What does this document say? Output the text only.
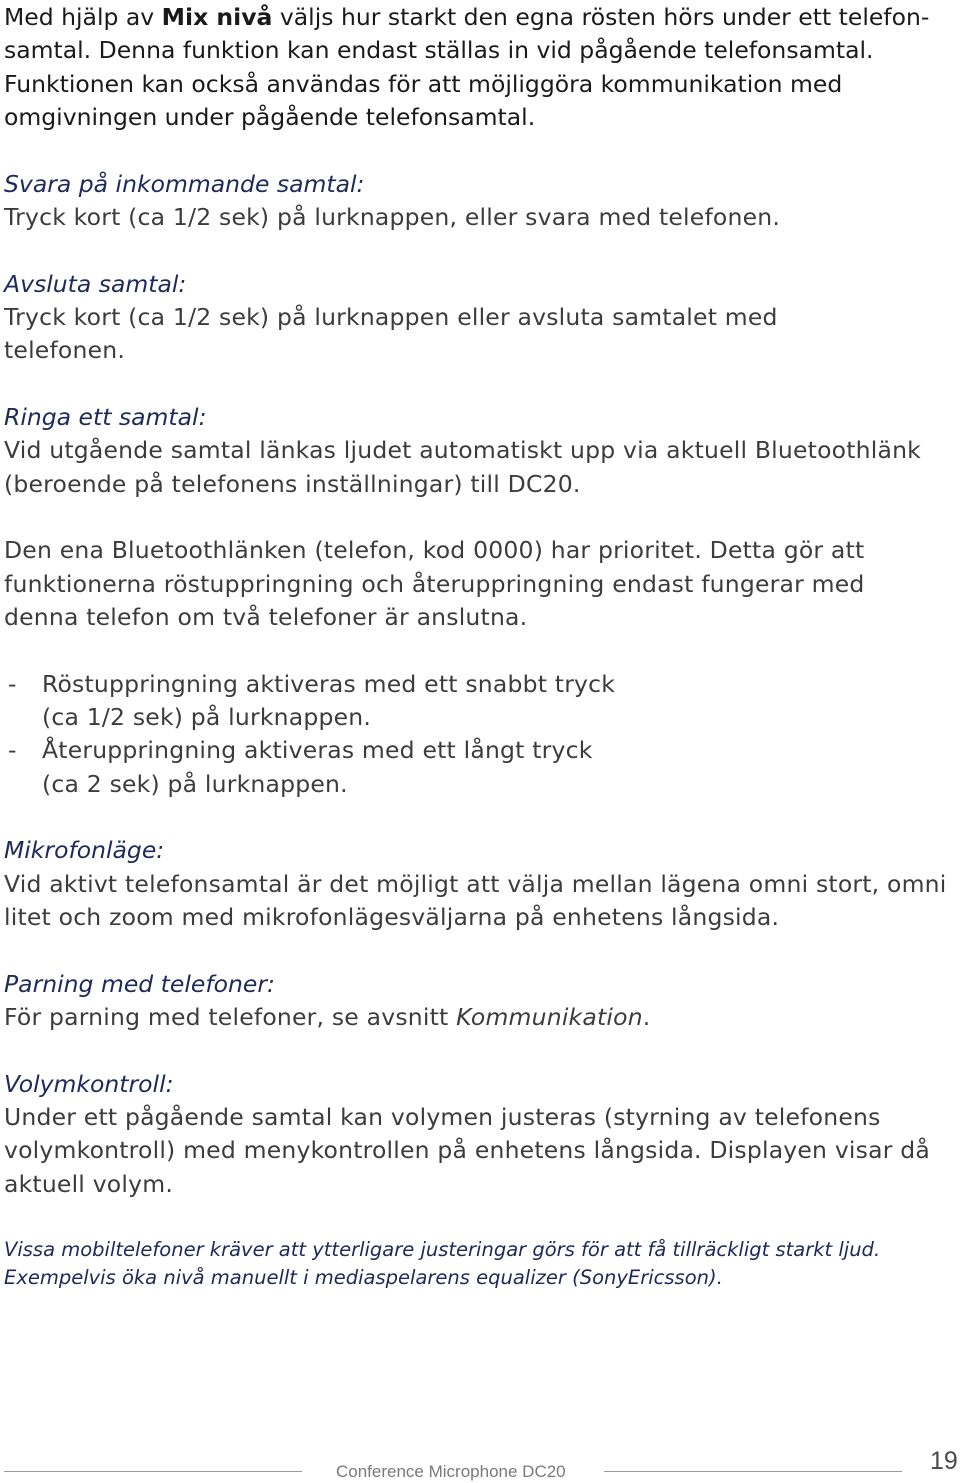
Med hjälp av Mix nivå väljs hur starkt den egna rösten hörs under ett telefon-

samtal. Denna funktion kan endast ställas in vid pågående telefonsamtal.

Funktionen kan också användas för att möjliggöra kommunikation med

omgivningen under pågående telefonsamtal.

Svara på inkommande samtal:

Tryck kort (ca 1/2 sek) på lurknappen, eller svara med telefonen.

Avsluta samtal:

Tryck kort (ca 1/2 sek) på lurknappen eller avsluta samtalet med

telefonen.

Ringa ett samtal:

Vid utgående samtal länkas ljudet automatiskt upp via aktuell Bluetoothlänk

(beroende på telefonens inställningar) till DC20.

Den ena Bluetoothlänken (telefon, kod 0000) har prioritet. Detta gör att

funktionerna röstuppringning och återuppringning endast fungerar med

denna telefon om två telefoner är anslutna.

- Röstuppringning aktiveras med ett snabbt tryck

(ca 1/2 sek) på lurknappen.

- Återuppringning aktiveras med ett långt tryck

(ca 2 sek) på lurknappen.

Mikrofonläge:

Vid aktivt telefonsamtal är det möjligt att välja mellan lägena omni stort, omni

litet och zoom med mikrofonlägesväljarna på enhetens långsida.

Parning med telefoner:

För parning med telefoner, se avsnitt Kommunikation.

Volymkontroll:

Under ett pågående samtal kan volymen justeras (styrning av telefonens

volymkontroll) med menykontrollen på enhetens långsida. Displayen visar då

aktuell volym.

Vissa mobiltelefoner kräver att ytterligare justeringar görs för att få tillräckligt starkt ljud.

Exempelvis öka nivå manuellt i mediaspelarens equalizer (SonyEricsson).

Conference Microphone DC20	19
